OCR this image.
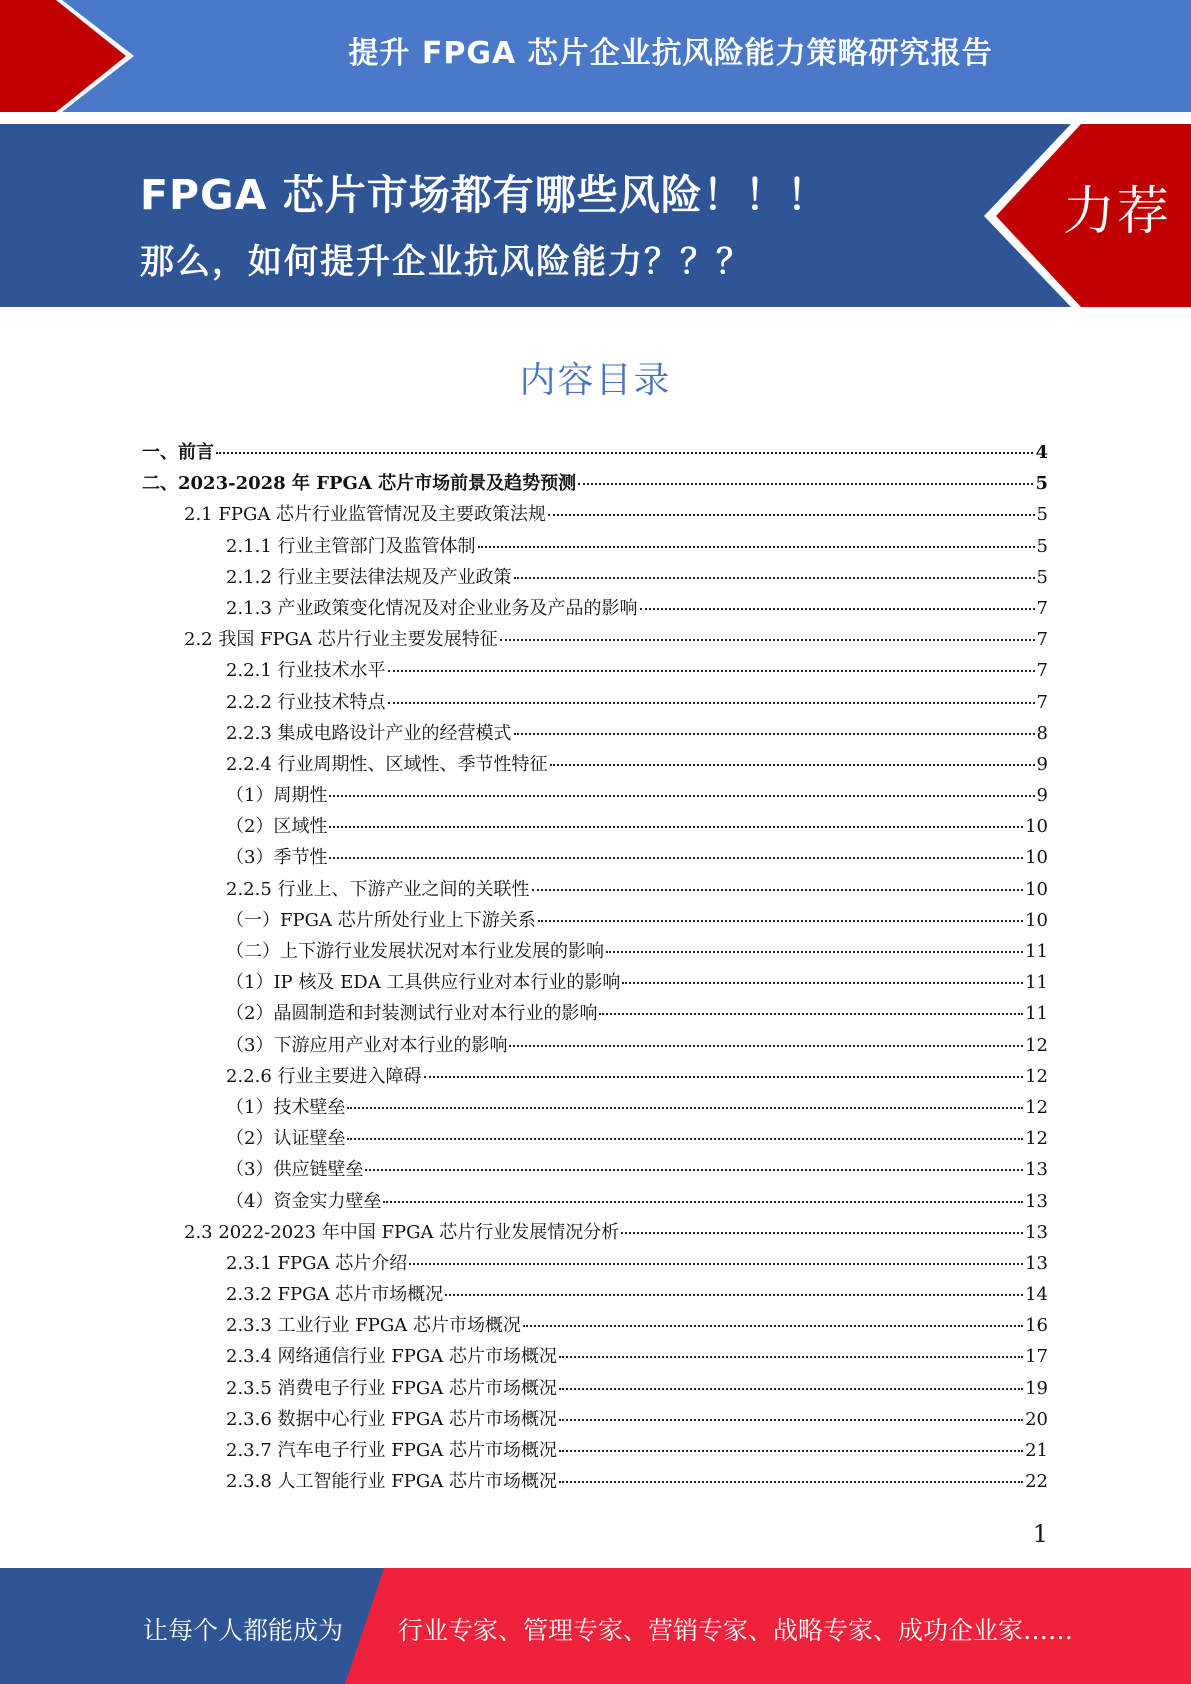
提升 FPGA 芯片企业抗风险能力策略研究报告
FPGA 芯片市场都有哪些风险！！！
那么，如何提升企业抗风险能力？？？
力荐
内容目录
一、前言	4
二、2023-2028 年 FPGA 芯片市场前景及趋势预测	5
2.1 FPGA 芯片行业监管情况及主要政策法规	5
2.1.1 行业主管部门及监管体制	5
2.1.2 行业主要法律法规及产业政策	5
2.1.3 产业政策变化情况及对企业业务及产品的影响	7
2.2 我国 FPGA 芯片行业主要发展特征	7
2.2.1 行业技术水平	7
2.2.2 行业技术特点	7
2.2.3 集成电路设计产业的经营模式	8
2.2.4 行业周期性、区域性、季节性特征	9
（1）周期性	9
（2）区域性	10
（3）季节性	10
2.2.5 行业上、下游产业之间的关联性	10
（一）FPGA 芯片所处行业上下游关系	10
（二）上下游行业发展状况对本行业发展的影响	11
（1）IP 核及 EDA 工具供应行业对本行业的影响	11
（2）晶圆制造和封装测试行业对本行业的影响	11
（3）下游应用产业对本行业的影响	12
2.2.6 行业主要进入障碍	12
（1）技术壁垒	12
（2）认证壁垒	12
（3）供应链壁垒	13
（4）资金实力壁垒	13
2.3 2022-2023 年中国 FPGA 芯片行业发展情况分析	13
2.3.1 FPGA 芯片介绍	13
2.3.2 FPGA 芯片市场概况	14
2.3.3 工业行业 FPGA 芯片市场概况	16
2.3.4 网络通信行业 FPGA 芯片市场概况	17
2.3.5 消费电子行业 FPGA 芯片市场概况	19
2.3.6 数据中心行业 FPGA 芯片市场概况	20
2.3.7 汽车电子行业 FPGA 芯片市场概况	21
2.3.8 人工智能行业 FPGA 芯片市场概况	22
1
让每个人都能成为 行业专家、管理专家、营销专家、战略专家、成功企业家……
